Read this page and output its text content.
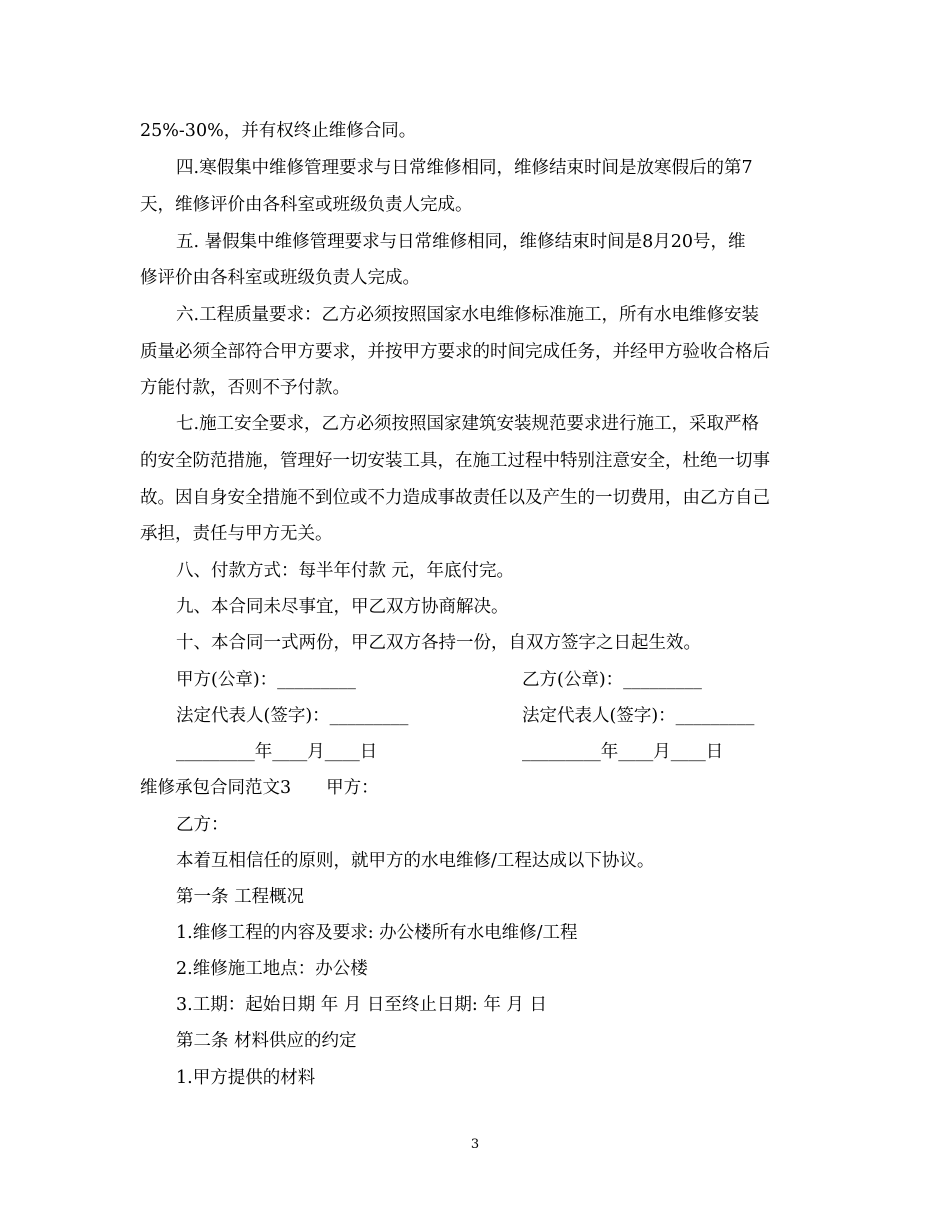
25%-30%，并有权终止维修合同。
四.寒假集中维修管理要求与日常维修相同，维修结束时间是放寒假后的第7
天，维修评价由各科室或班级负责人完成。
五. 暑假集中维修管理要求与日常维修相同，维修结束时间是8月20号，维
修评价由各科室或班级负责人完成。
六.工程质量要求：乙方必须按照国家水电维修标准施工，所有水电维修安装
质量必须全部符合甲方要求，并按甲方要求的时间完成任务，并经甲方验收合格后
方能付款，否则不予付款。
七.施工安全要求，乙方必须按照国家建筑安装规范要求进行施工，采取严格
的安全防范措施，管理好一切安装工具，在施工过程中特别注意安全，杜绝一切事
故。因自身安全措施不到位或不力造成事故责任以及产生的一切费用，由乙方自己
承担，责任与甲方无关。
八、付款方式：每半年付款 元，年底付完。
九、本合同未尽事宜，甲乙双方协商解决。
十、本合同一式两份，甲乙双方各持一份，自双方签字之日起生效。
甲方(公章)：_________	乙方(公章)：_________
法定代表人(签字)：_________	法定代表人(签字)：_________
_________年____月____日	_________年____月____日
维修承包合同范文3　　甲方：
乙方：
本着互相信任的原则，就甲方的水电维修/工程达成以下协议。
第一条 工程概况
1.维修工程的内容及要求: 办公楼所有水电维修/工程
2.维修施工地点：办公楼
3.工期：起始日期 年 月 日至终止日期: 年 月 日
第二条 材料供应的约定
1.甲方提供的材料
3
